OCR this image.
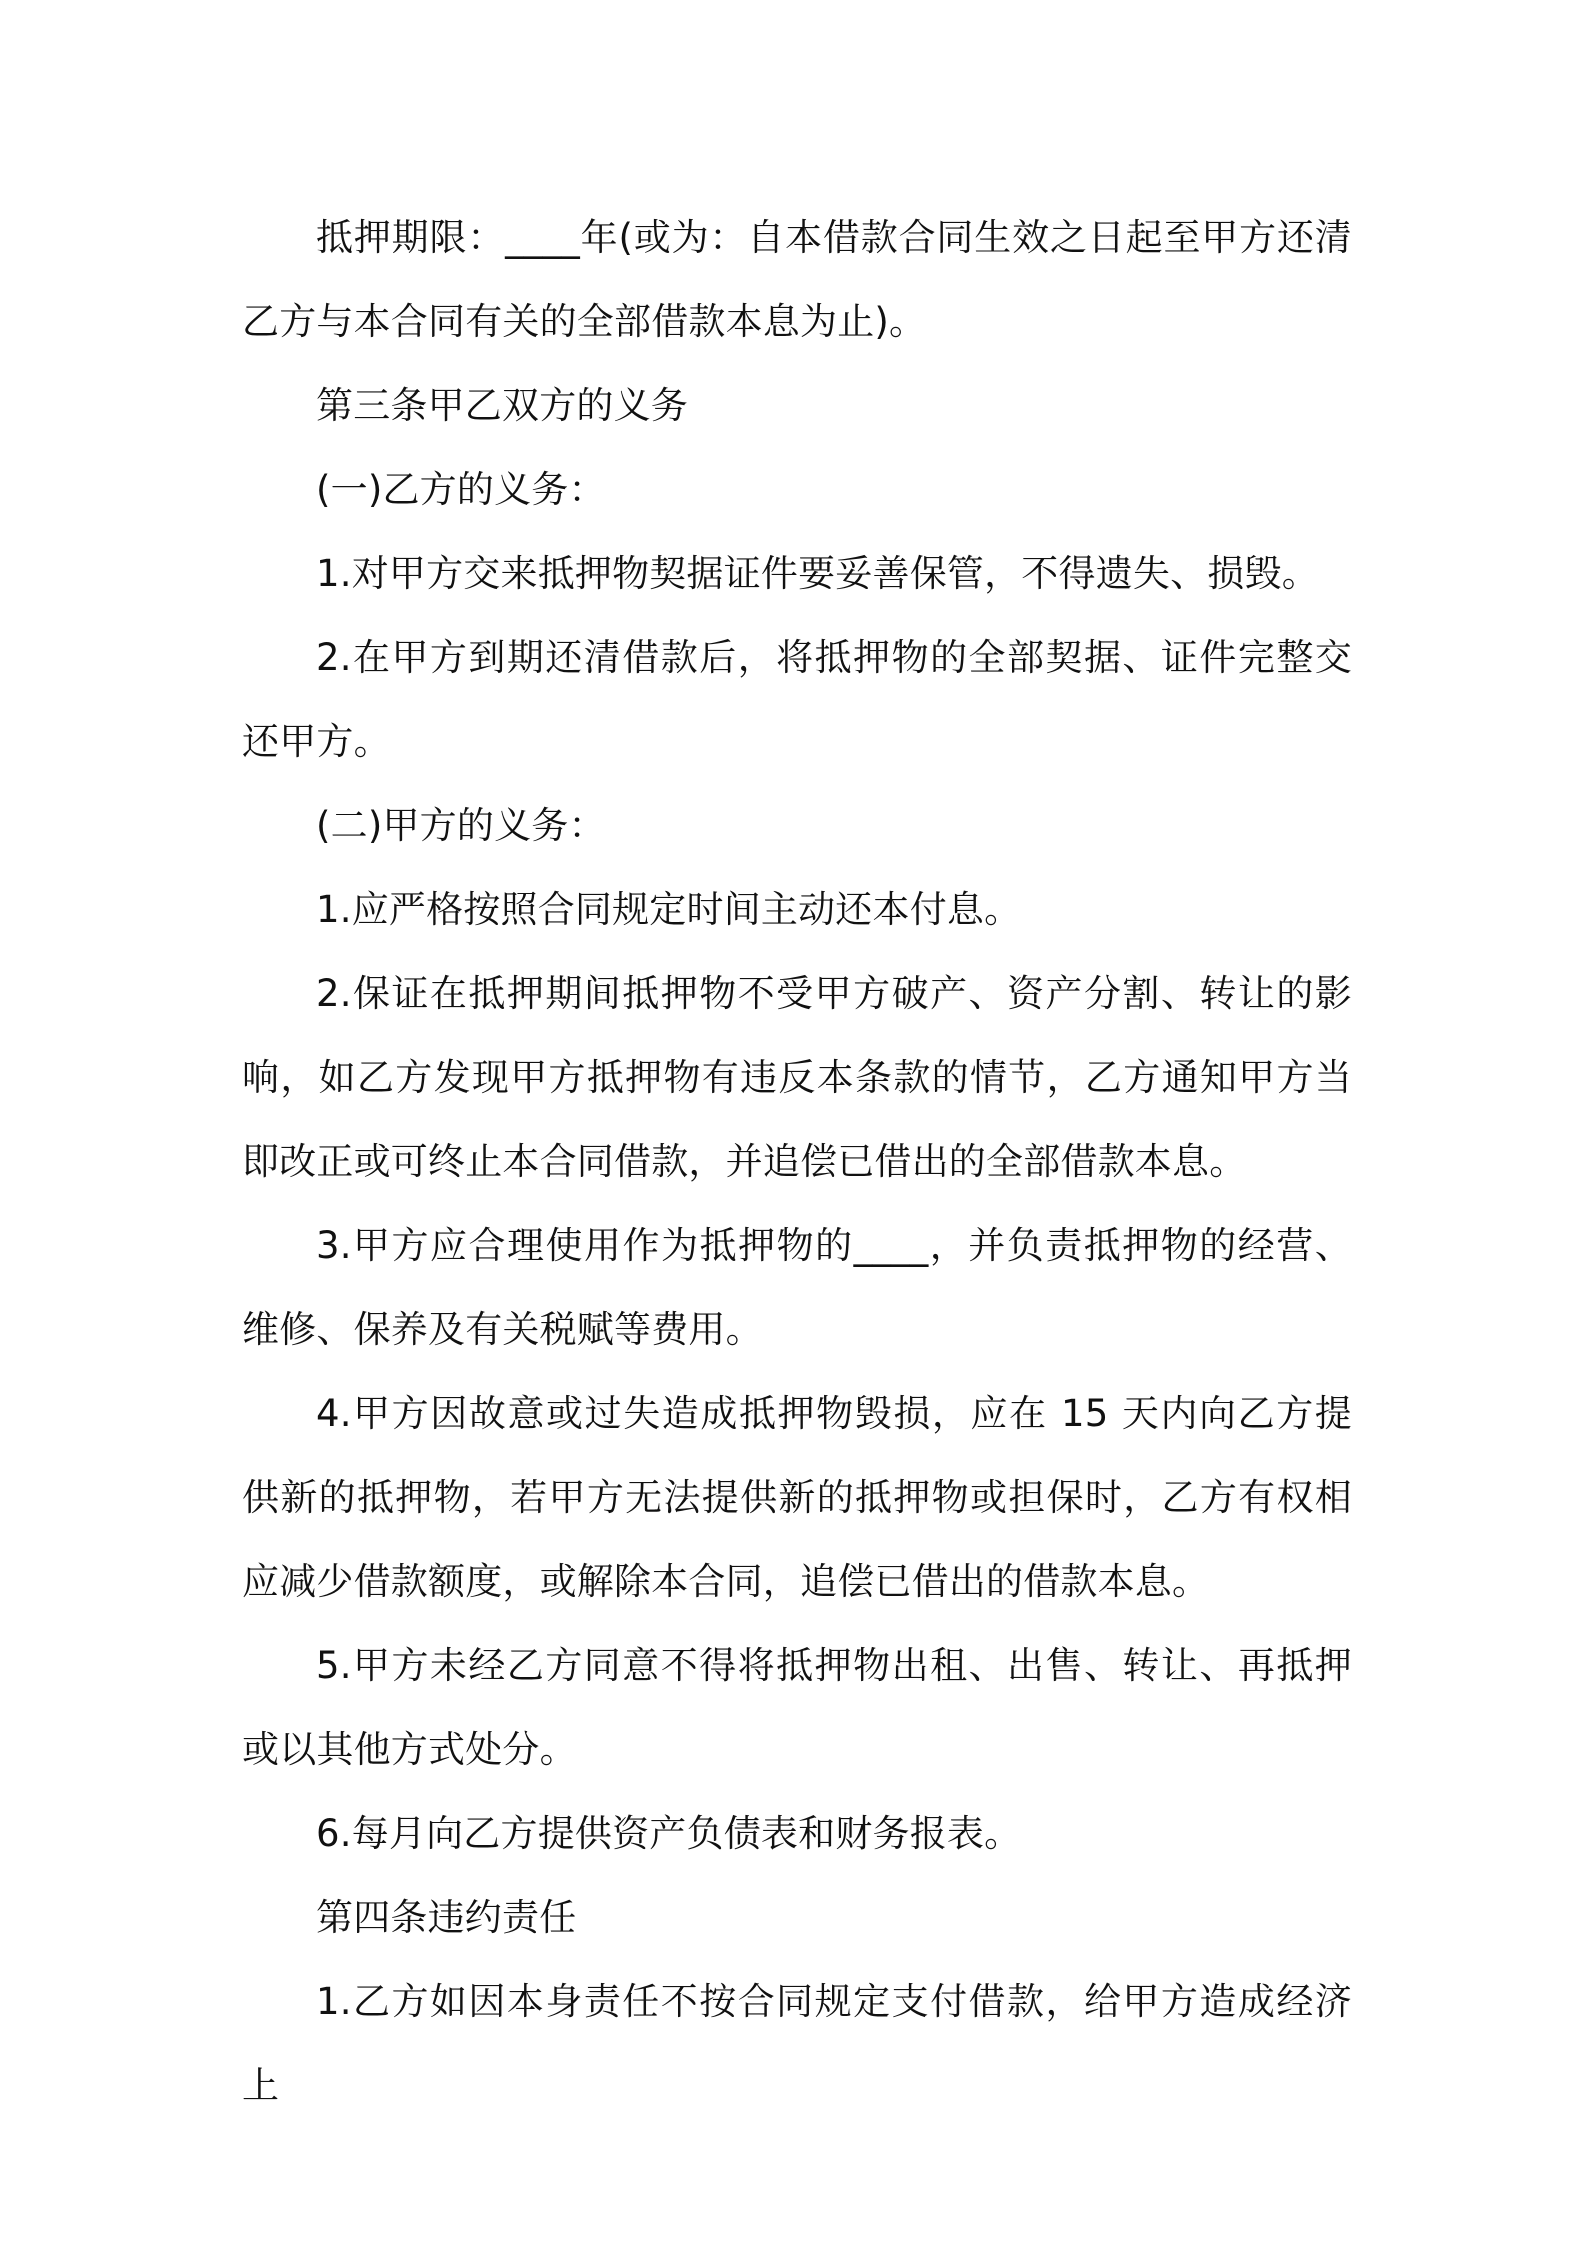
抵押期限：____年(或为：自本借款合同生效之日起至甲方还清乙方与本合同有关的全部借款本息为止)。

第三条甲乙双方的义务

(一)乙方的义务：

1.对甲方交来抵押物契据证件要妥善保管，不得遗失、损毁。

2.在甲方到期还清借款后，将抵押物的全部契据、证件完整交还甲方。

(二)甲方的义务：

1.应严格按照合同规定时间主动还本付息。

2.保证在抵押期间抵押物不受甲方破产、资产分割、转让的影响，如乙方发现甲方抵押物有违反本条款的情节，乙方通知甲方当即改正或可终止本合同借款，并追偿已借出的全部借款本息。

3.甲方应合理使用作为抵押物的____，并负责抵押物的经营、维修、保养及有关税赋等费用。

4.甲方因故意或过失造成抵押物毁损，应在 15 天内向乙方提供新的抵押物，若甲方无法提供新的抵押物或担保时，乙方有权相应减少借款额度，或解除本合同，追偿已借出的借款本息。

5.甲方未经乙方同意不得将抵押物出租、出售、转让、再抵押或以其他方式处分。

6.每月向乙方提供资产负债表和财务报表。

第四条违约责任

1.乙方如因本身责任不按合同规定支付借款，给甲方造成经济上
